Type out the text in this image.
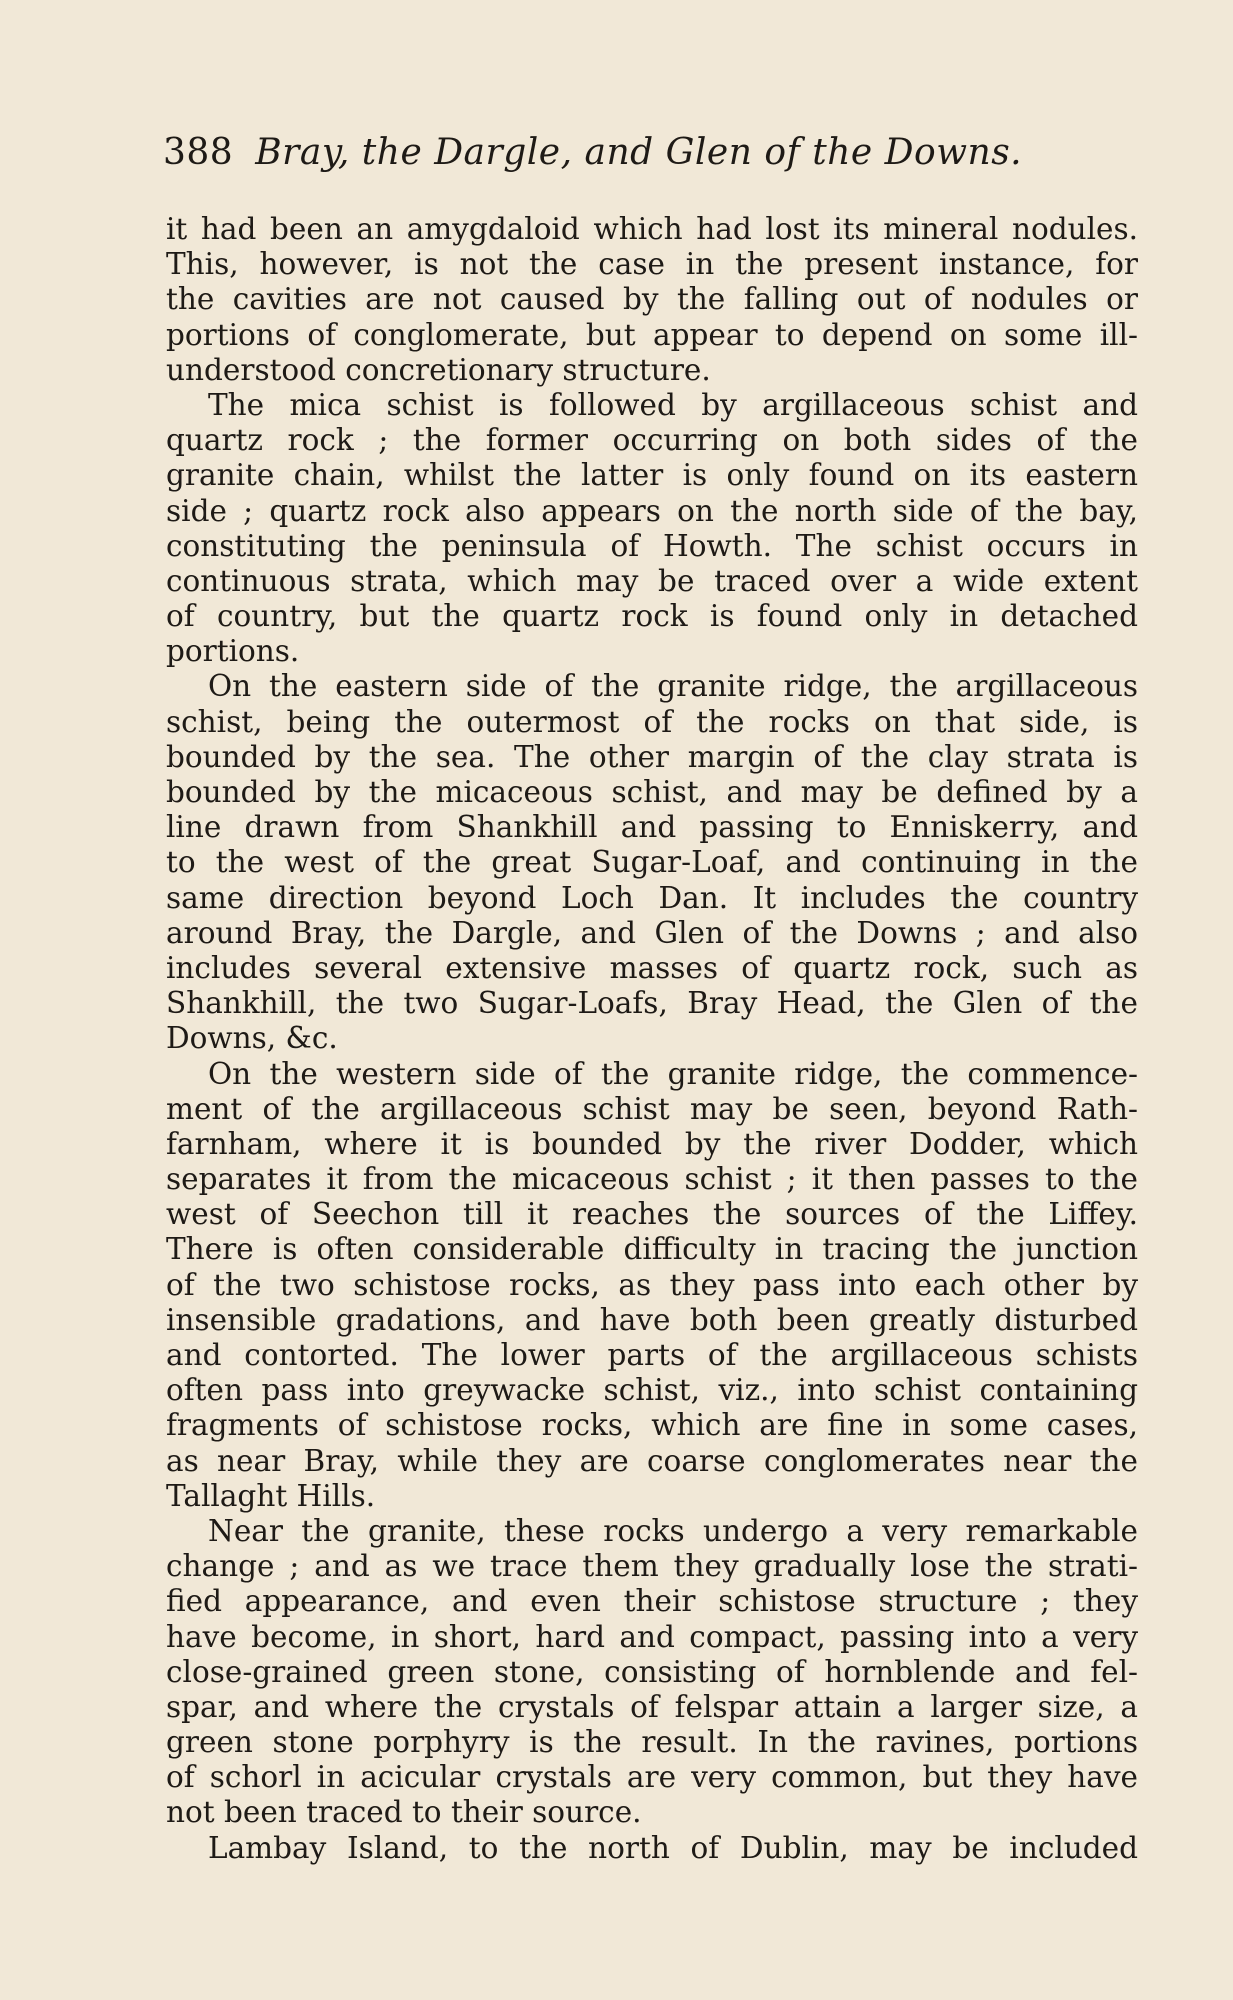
388 Bray, the Dargle, and Glen of the Downs.
it had been an amygdaloid which had lost its mineral nodules.
This, however, is not the case in the present instance, for
the cavities are not caused by the falling out of nodules or
portions of conglomerate, but appear to depend on some ill-
understood concretionary structure.
The mica schist is followed by argillaceous schist and
quartz rock ; the former occurring on both sides of the
granite chain, whilst the latter is only found on its eastern
side ; quartz rock also appears on the north side of the bay,
constituting the peninsula of Howth. The schist occurs in
continuous strata, which may be traced over a wide extent
of country, but the quartz rock is found only in detached
portions.
On the eastern side of the granite ridge, the argillaceous
schist, being the outermost of the rocks on that side, is
bounded by the sea. The other margin of the clay strata is
bounded by the micaceous schist, and may be defined by a
line drawn from Shankhill and passing to Enniskerry, and
to the west of the great Sugar-Loaf, and continuing in the
same direction beyond Loch Dan. It includes the country
around Bray, the Dargle, and Glen of the Downs ; and also
includes several extensive masses of quartz rock, such as
Shankhill, the two Sugar-Loafs, Bray Head, the Glen of the
Downs, &c.
On the western side of the granite ridge, the commence-
ment of the argillaceous schist may be seen, beyond Rath-
farnham, where it is bounded by the river Dodder, which
separates it from the micaceous schist ; it then passes to the
west of Seechon till it reaches the sources of the Liffey.
There is often considerable difficulty in tracing the junction
of the two schistose rocks, as they pass into each other by
insensible gradations, and have both been greatly disturbed
and contorted. The lower parts of the argillaceous schists
often pass into greywacke schist, viz., into schist containing
fragments of schistose rocks, which are fine in some cases,
as near Bray, while they are coarse conglomerates near the
Tallaght Hills.
Near the granite, these rocks undergo a very remarkable
change ; and as we trace them they gradually lose the strati-
fied appearance, and even their schistose structure ; they
have become, in short, hard and compact, passing into a very
close-grained green stone, consisting of hornblende and fel-
spar, and where the crystals of felspar attain a larger size, a
green stone porphyry is the result. In the ravines, portions
of schorl in acicular crystals are very common, but they have
not been traced to their source.
Lambay Island, to the north of Dublin, may be included
